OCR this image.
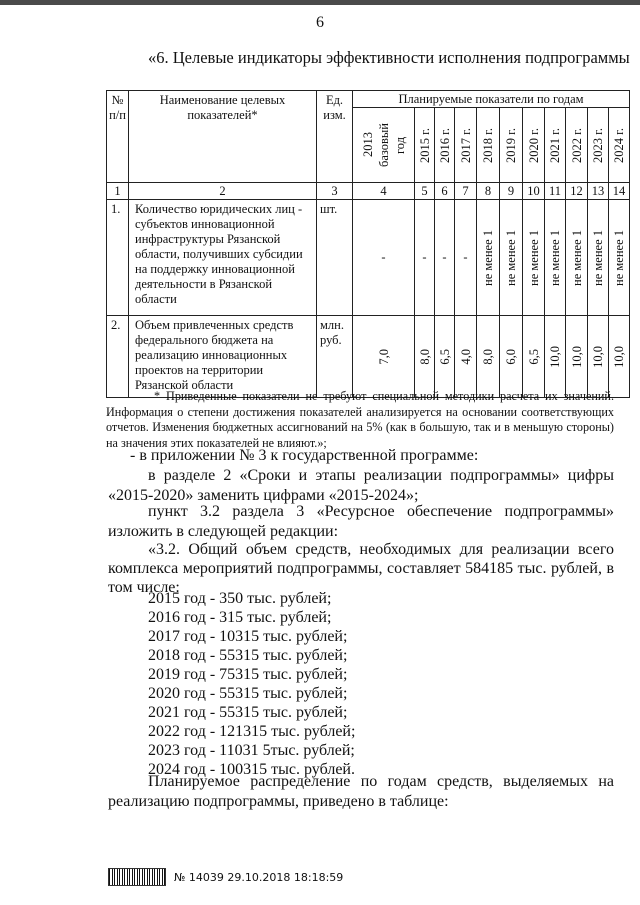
6
«6. Целевые индикаторы эффективности исполнения подпрограммы
№ п/п	Наименование целевых показателей*	Ед. изм.	Планируемые показатели по годам										

			2013 базовый год	2015 г.	2016 г.	2017 г.	2018 г.	2019 г.	2020 г.	2021 г.	2022 г.	2023 г.	2024 г.

1	2	3	4	5	6	7	8	9	10	11	12	13	14
1.	Количество юридических лиц - субъектов инновационной инфраструктуры Рязанской области, получивших субсидии на поддержку инновационной деятельности в Рязанской области	шт.	-	-	-	-	не менее 1	не менее 1	не менее 1	не менее 1	не менее 1	не менее 1	не менее 1

2.	Объем привлеченных средств федерального бюджета на реализацию инновационных проектов на территории Рязанской области	млн. руб.	7,0	8,0	6,5	4,0	8,0	6,0	6,5	10,0	10,0	10,0	10,0
* Приведенные показатели не требуют специальной методики расчета их значений. Информация о степени достижения показателей анализируется на основании соответствующих отчетов. Изменения бюджетных ассигнований на 5% (как в большую, так и в меньшую стороны) на значения этих показателей не влияют.»;
- в приложении № 3 к государственной программе:
в разделе 2 «Сроки и этапы реализации подпрограммы» цифры «2015-2020» заменить цифрами «2015-2024»;
пункт 3.2 раздела 3 «Ресурсное обеспечение подпрограммы» изложить в следующей редакции:
«3.2. Общий объем средств, необходимых для реализации всего комплекса мероприятий подпрограммы, составляет 584185 тыс. рублей, в том числе:
2015 год - 350 тыс. рублей;
2016 год - 315 тыс. рублей;
2017 год - 10315 тыс. рублей;
2018 год - 55315 тыс. рублей;
2019 год - 75315 тыс. рублей;
2020 год - 55315 тыс. рублей;
2021 год - 55315 тыс. рублей;
2022 год - 121315 тыс. рублей;
2023 год - 11031 5тыс. рублей;
2024 год - 100315 тыс. рублей.
Планируемое распределение по годам средств, выделяемых на реализацию подпрограммы, приведено в таблице:
№ 14039 29.10.2018 18:18:59
